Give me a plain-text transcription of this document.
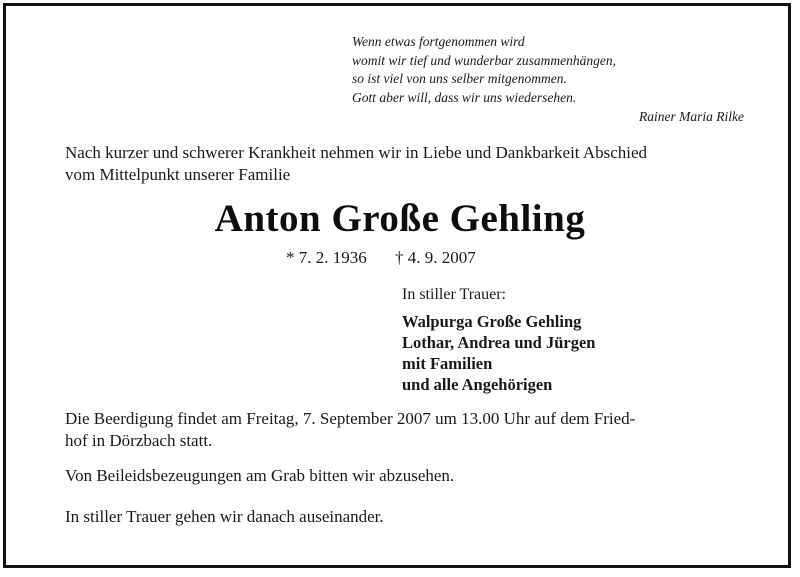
Wenn etwas fortgenommen wird
womit wir tief und wunderbar zusammenhängen,
so ist viel von uns selber mitgenommen.
Gott aber will, dass wir uns wiedersehen.
Rainer Maria Rilke
Nach kurzer und schwerer Krankheit nehmen wir in Liebe und Dankbarkeit Abschied
vom Mittelpunkt unserer Familie
Anton Große Gehling
* 7. 2. 1936 † 4. 9. 2007
In stiller Trauer:
Walpurga Große Gehling
Lothar, Andrea und Jürgen
mit Familien
und alle Angehörigen
Die Beerdigung findet am Freitag, 7. September 2007 um 13.00 Uhr auf dem Fried-
hof in Dörzbach statt.
Von Beileidsbezeugungen am Grab bitten wir abzusehen.
In stiller Trauer gehen wir danach auseinander.
